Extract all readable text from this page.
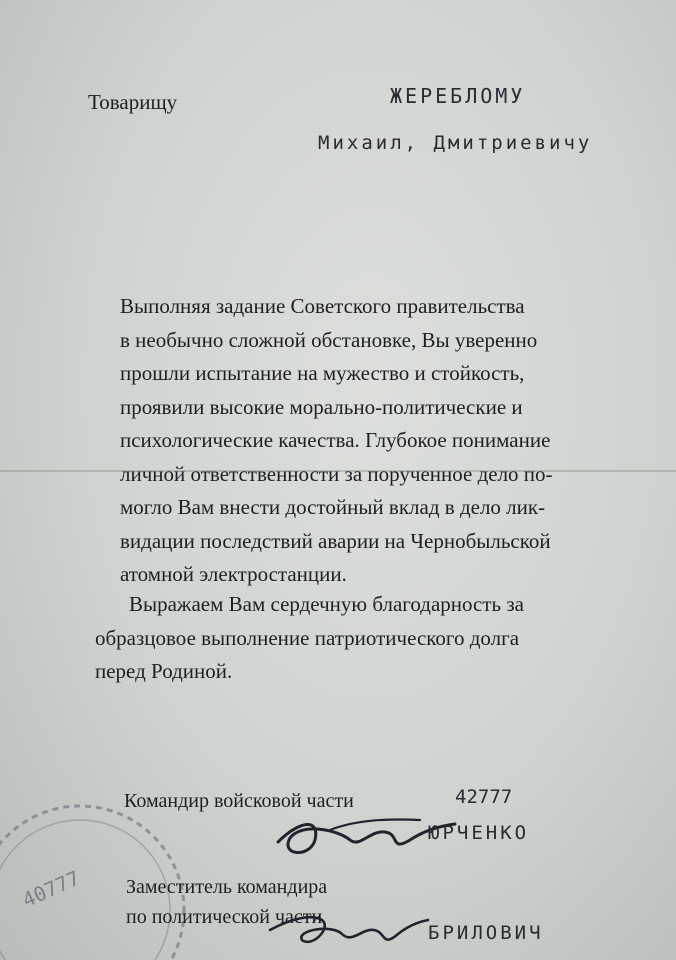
Товарищу	ЖЕРЕБЛОМУ
Михаил, Дмитриевичу
Выполняя задание Советского правительства
в необычно сложной обстановке, Вы уверенно
прошли испытание на мужество и стойкость,
проявили высокие морально-политические и
психологические качества. Глубокое понимание
личной ответственности за порученное дело по-
могло Вам внести достойный вклад в дело лик-
видации последствий аварии на Чернобыльской
атомной электростанции.
Выражаем Вам сердечную благодарность за
образцовое выполнение патриотического долга
перед Родиной.
40777
Командир войсковой части	42777
ЮРЧЕНКО
Заместитель командира
по политической части
БРИЛОВИЧ
